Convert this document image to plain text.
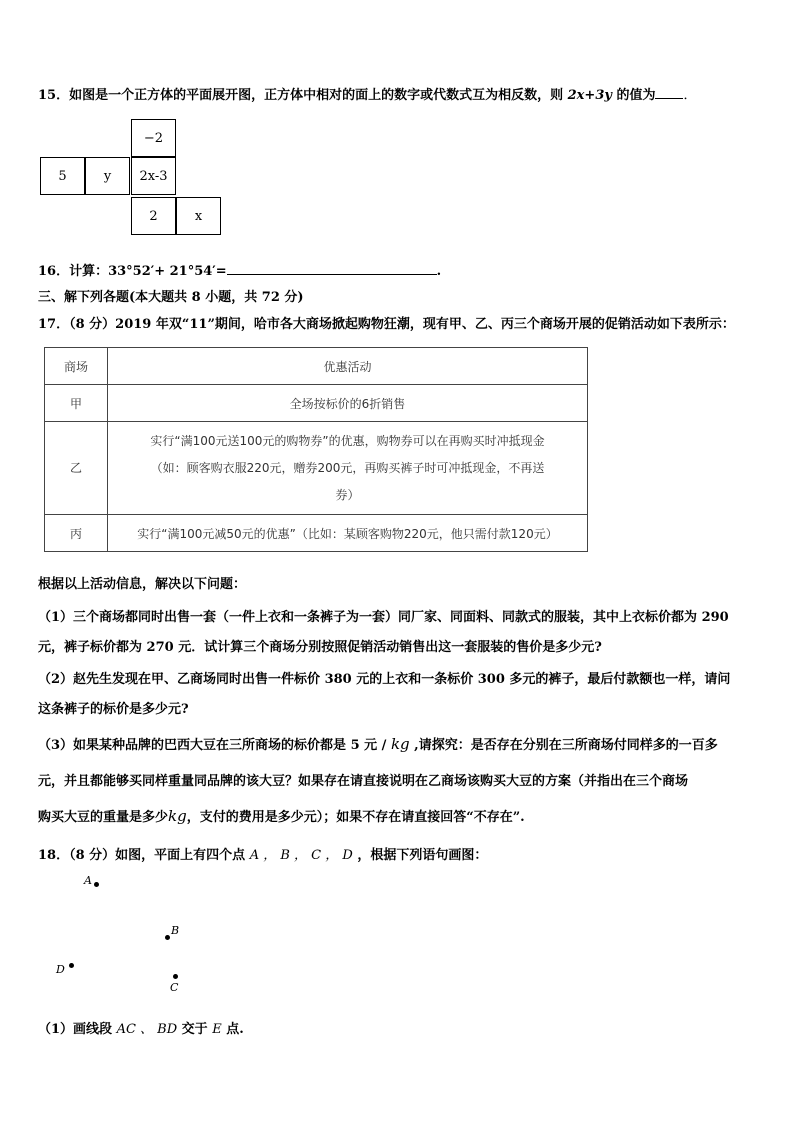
15．如图是一个正方体的平面展开图，正方体中相对的面上的数字或代数式互为相反数，则 2x+3y 的值为 ．
−2
5	y	2x-3
2	x
16．计算：33°52′+ 21°54′=	.
三、解下列各题(本大题共 8 小题，共 72 分)
17．（8 分）2019 年双“11”期间，哈市各大商场掀起购物狂潮，现有甲、乙、丙三个商场开展的促销活动如下表所示：
商场	优惠活动
甲	全场按标价的6折销售
乙	实行“满100元送100元的购物券”的优惠，购物券可以在再购买时冲抵现金
（如：顾客购衣服220元，赠券200元，再购买裤子时可冲抵现金，不再送
券）

丙	实行“满100元减50元的优惠”（比如：某顾客购物220元，他只需付款120元）
根据以上活动信息，解决以下问题：
（1）三个商场都同时出售一套（一件上衣和一条裤子为一套）同厂家、同面料、同款式的服装，其中上衣标价都为 290
元，裤子标价都为 270 元．试计算三个商场分别按照促销活动销售出这一套服装的售价是多少元?
（2）赵先生发现在甲、乙商场同时出售一件标价 380 元的上衣和一条标价 300 多元的裤子，最后付款额也一样，请问
这条裤子的标价是多少元?
（3）如果某种品牌的巴西大豆在三所商场的标价都是 5 元 / kg ,请探究：是否存在分别在三所商场付同样多的一百多
元，并且都能够买同样重量同品牌的该大豆？如果存在请直接说明在乙商场该购买大豆的方案（并指出在三个商场
购买大豆的重量是多少kg，支付的费用是多少元）；如果不存在请直接回答“不存在”.
18．（8 分）如图，平面上有四个点 A ， B ， C ， D ，根据下列语句画图：
A
B
C
D
（1）画线段 AC 、 BD 交于 E 点.
